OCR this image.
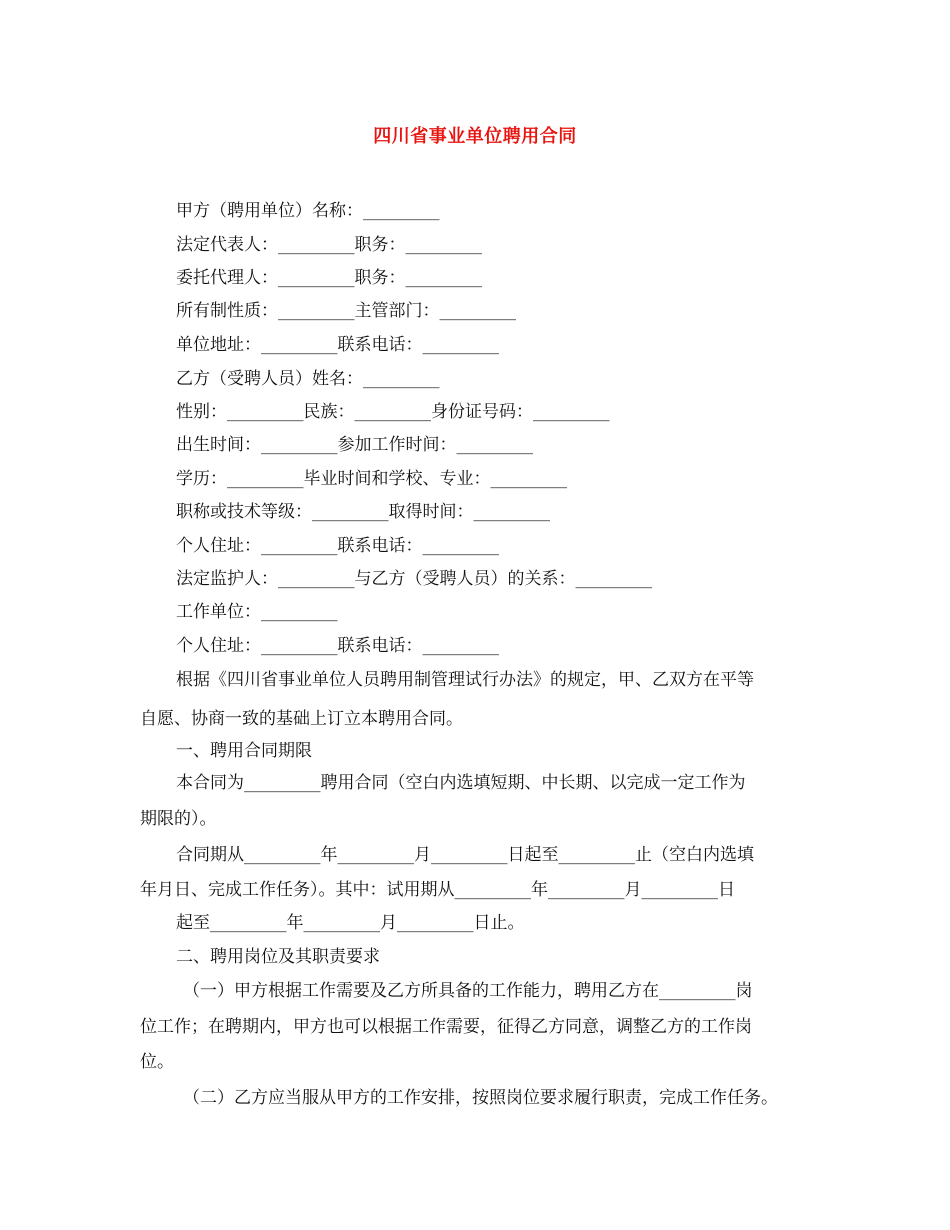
四川省事业单位聘用合同
甲方（聘用单位）名称：_________
法定代表人：_________职务：_________
委托代理人：_________职务：_________
所有制性质：_________主管部门：_________
单位地址：_________联系电话：_________
乙方（受聘人员）姓名：_________
性别：_________民族：_________身份证号码：_________
出生时间：_________参加工作时间：_________
学历：_________毕业时间和学校、专业：_________
职称或技术等级：_________取得时间：_________
个人住址：_________联系电话：_________
法定监护人：_________与乙方（受聘人员）的关系：_________
工作单位：_________
个人住址：_________联系电话：_________
根据《四川省事业单位人员聘用制管理试行办法》的规定，甲、乙双方在平等
自愿、协商一致的基础上订立本聘用合同。
一、聘用合同期限
本合同为_________聘用合同（空白内选填短期、中长期、以完成一定工作为
期限的）。
合同期从_________年_________月_________日起至_________止（空白内选填
年月日、完成工作任务）。其中：试用期从_________年_________月_________日
起至_________年_________月_________日止。
二、聘用岗位及其职责要求
（一）甲方根据工作需要及乙方所具备的工作能力，聘用乙方在_________岗
位工作；在聘期内，甲方也可以根据工作需要，征得乙方同意，调整乙方的工作岗
位。
（二）乙方应当服从甲方的工作安排，按照岗位要求履行职责，完成工作任务。
